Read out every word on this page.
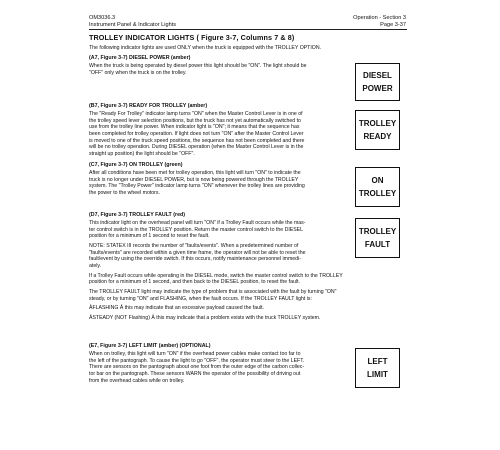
OM3036.3
Instrument Panel & Indicator Lights
Operation - Section 3
Page 3-37
TROLLEY INDICATOR LIGHTS ( Figure 3-7, Columns 7 & 8)
The following indicator lights are used ONLY when the truck is equipped with the TROLLEY OPTION.
(A7, Figure 3-7) DIESEL POWER (amber)
When the truck is being operated by diesel power this light should be "ON". The light should be
"OFF" only when the truck is on the trolley.	DIESEL
POWER
(B7, Figure 3-7) READY FOR TROLLEY (amber)
The "Ready For Trolley" indicator lamp turns "ON" when the Master Control Lever is in one of
the trolley speed lever selection positions, but the truck has not yet automatically switched to
use from the trolley line power. When indicator light is "ON"; it means that the sequence has
been completed for trolley operation. If light does not turn "ON" after the Master Control Lever
is moved to one of the truck speed positions, the sequence has not been completed and there
will be no trolley operation. During DIESEL operation (when the Master Control Lever is in the
straight up position) the light should be "OFF".
TROLLEY
READY
(C7, Figure 3-7) ON TROLLEY (green)
After all conditions have been met for trolley operation, this light will turn "ON" to indicate the
truck is no longer under DIESEL POWER, but is now being powered through the TROLLEY
system. The "Trolley Power" indicator lamp turns "ON" whenever the trolley lines are providing
the power to the wheel motors.
ON
TROLLEY
(D7, Figure 3-7) TROLLEY FAULT (red)

This indicator light on the overhead panel will turn "ON" if a Trolley Fault occurs while the mas-
ter control switch is in the TROLLEY position. Return the master control switch to the DIESEL
position for a minimum of 1 second to reset the fault.

NOTE: STATEX III records the number of "faults/events". When a predetermined number of
"faults/events" are recorded within a given time frame, the operator will not be able to reset the
fault/event by using the override switch. If this occurs, notify maintenance personnel immedi-
ately.

If a Trolley Fault occurs while operating in the DIESEL mode, switch the master control switch to the TROLLEY
position for a minimum of 1 second, and then back to the DIESEL position, to reset the fault.

The TROLLEY FAULT light may indicate the type of problem that is associated with the fault by turning "ON"
steady, or by turning "ON" and FLASHING, when the fault occurs. If the TROLLEY FAULT light is:

ÂFLASHING Â this may indicate that an excessive payload caused the fault.

ÂSTEADY (NOT Flashing) Â this may indicate that a problem exists with the truck TROLLEY system.

TROLLEY
FAULT
(E7, Figure 3-7) LEFT LIMIT (amber) (OPTIONAL)
When on trolley, this light will turn "ON" if the overhead power cables make contact too far to
the left of the pantograph. To cause the light to go "OFF", the operator must steer to the LEFT.
There are sensors on the pantograph about one foot from the outer edge of the carbon collec-
tor bar on the pantograph. These sensors WARN the operator of the possibility of driving out
from the overhead cables while on trolley.
LEFT
LIMIT
